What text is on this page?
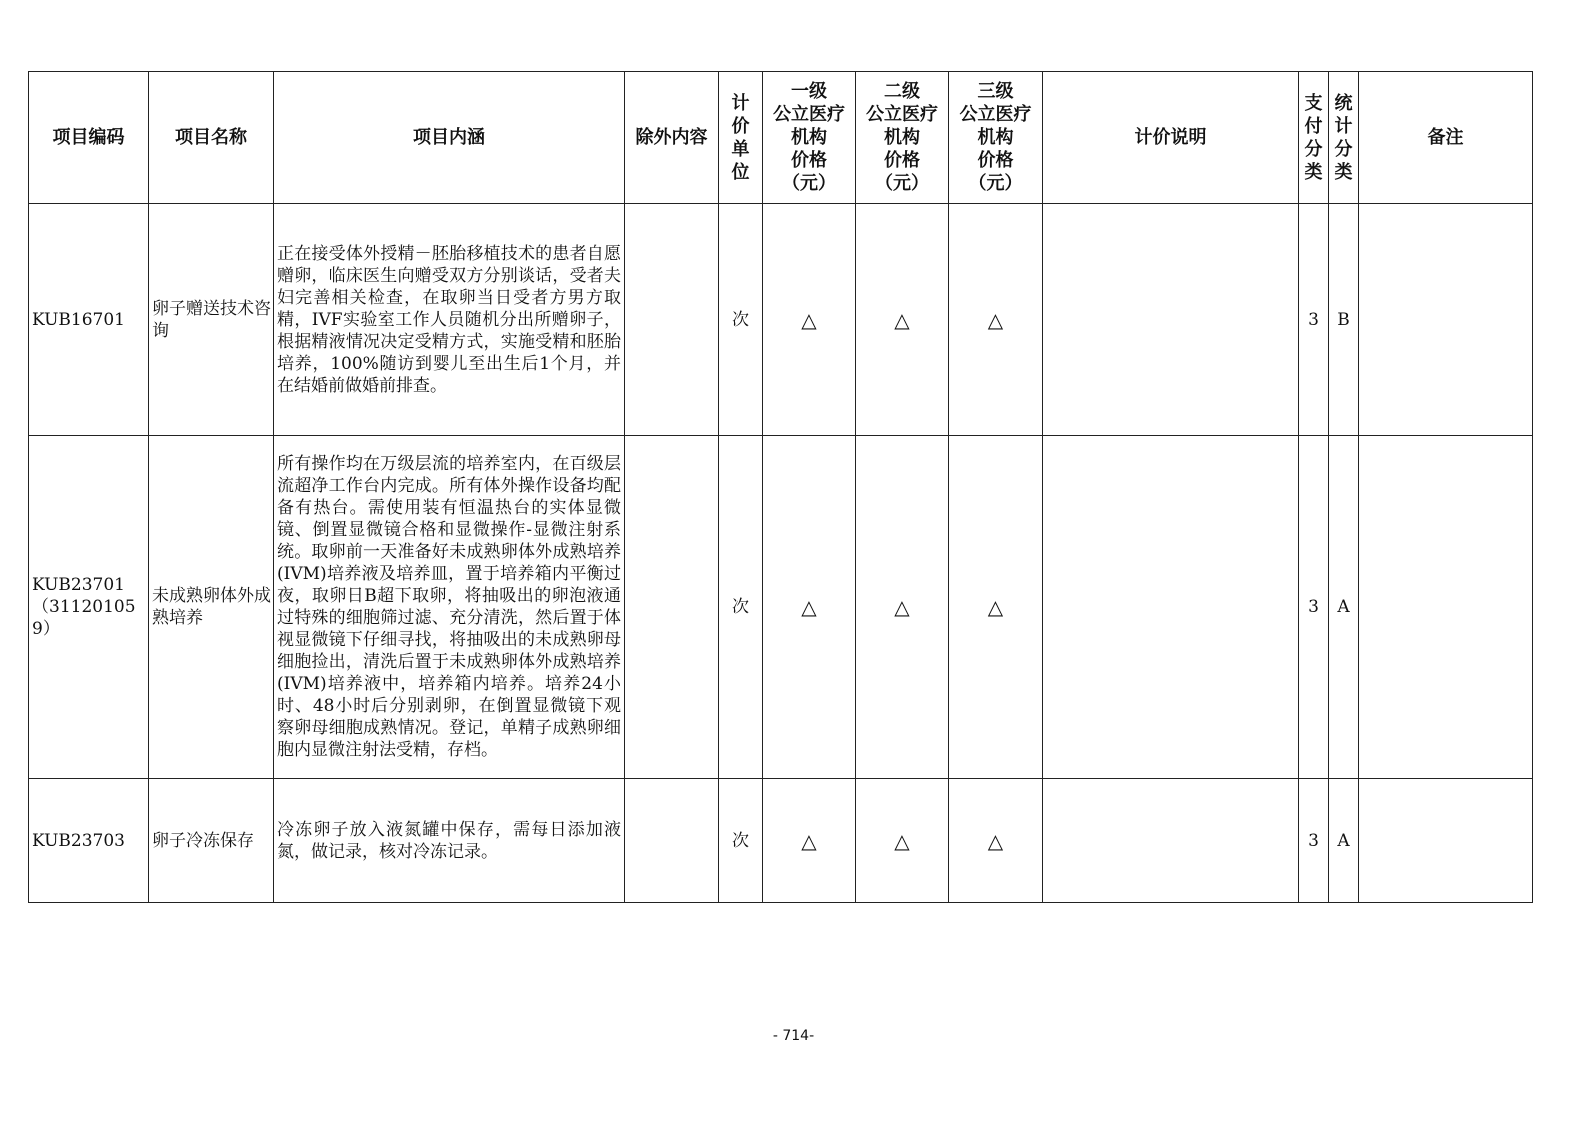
项目编码	项目名称	项目内涵	除外内容	计
价
单
位	一级
公立医疗
机构
价格
（元）	二级
公立医疗
机构
价格
（元）	三级
公立医疗
机构
价格
（元）	计价说明	支
付
分
类	统
计
分
类	备注
KUB16701	卵子赠送技术咨询	正在接受体外授精－胚胎移植技术的患者自愿赠卵，临床医生向赠受双方分别谈话，受者夫妇完善相关检查，在取卵当日受者方男方取精，IVF实验室工作人员随机分出所赠卵子，根据精液情况决定受精方式，实施受精和胚胎培养，100%随访到婴儿至出生后1个月，并在结婚前做婚前排查。		次	△	△	△		3	B	
KUB23701（311201059）	未成熟卵体外成熟培养	所有操作均在万级层流的培养室内，在百级层流超净工作台内完成。所有体外操作设备均配备有热台。需使用装有恒温热台的实体显微镜、倒置显微镜合格和显微操作-显微注射系统。取卵前一天准备好未成熟卵体外成熟培养(IVM)培养液及培养皿，置于培养箱内平衡过夜，取卵日B超下取卵，将抽吸出的卵泡液通过特殊的细胞筛过滤、充分清洗，然后置于体视显微镜下仔细寻找，将抽吸出的未成熟卵母细胞捡出，清洗后置于未成熟卵体外成熟培养(IVM)培养液中，培养箱内培养。培养24小时、48小时后分别剥卵，在倒置显微镜下观察卵母细胞成熟情况。登记，单精子成熟卵细胞内显微注射法受精，存档。		次	△	△	△		3	A	
KUB23703	卵子冷冻保存	冷冻卵子放入液氮罐中保存，需每日添加液氮，做记录，核对冷冻记录。		次	△	△	△		3	A	
- 714-
